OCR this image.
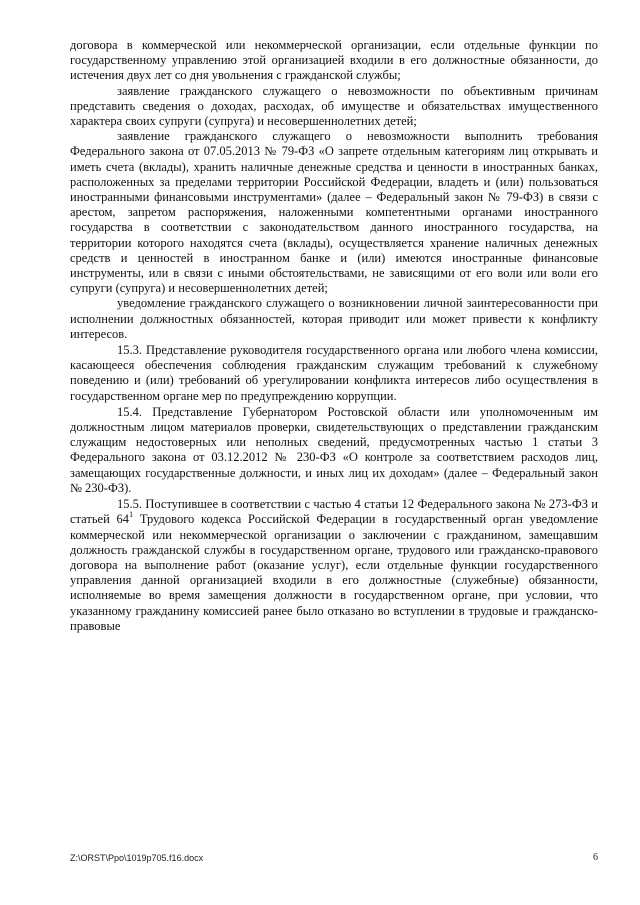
договора в коммерческой или некоммерческой организации, если отдельные функции по государственному управлению этой организацией входили в его должностные обязанности, до истечения двух лет со дня увольнения с гражданской службы;

заявление гражданского служащего о невозможности по объективным причинам представить сведения о доходах, расходах, об имуществе и обязательствах имущественного характера своих супруги (супруга) и несовершеннолетних детей;

заявление гражданского служащего о невозможности выполнить требования Федерального закона от 07.05.2013 № 79-ФЗ «О запрете отдельным категориям лиц открывать и иметь счета (вклады), хранить наличные денежные средства и ценности в иностранных банках, расположенных за пределами территории Российской Федерации, владеть и (или) пользоваться иностранными финансовыми инструментами» (далее – Федеральный закон № 79-ФЗ) в связи с арестом, запретом распоряжения, наложенными компетентными органами иностранного государства в соответствии с законодательством данного иностранного государства, на территории которого находятся счета (вклады), осуществляется хранение наличных денежных средств и ценностей в иностранном банке и (или) имеются иностранные финансовые инструменты, или в связи с иными обстоятельствами, не зависящими от его воли или воли его супруги (супруга) и несовершеннолетних детей;

уведомление гражданского служащего о возникновении личной заинтересованности при исполнении должностных обязанностей, которая приводит или может привести к конфликту интересов.

15.3. Представление руководителя государственного органа или любого члена комиссии, касающееся обеспечения соблюдения гражданским служащим требований к служебному поведению и (или) требований об урегулировании конфликта интересов либо осуществления в государственном органе мер по предупреждению коррупции.

15.4. Представление Губернатором Ростовской области или уполномоченным им должностным лицом материалов проверки, свидетельствующих о представлении гражданским служащим недостоверных или неполных сведений, предусмотренных частью 1 статьи 3 Федерального закона от 03.12.2012 № 230-ФЗ «О контроле за соответствием расходов лиц, замещающих государственные должности, и иных лиц их доходам» (далее – Федеральный закон № 230-ФЗ).

15.5. Поступившее в соответствии с частью 4 статьи 12 Федерального закона № 273-ФЗ и статьей $64^1$ Трудового кодекса Российской Федерации в государственный орган уведомление коммерческой или некоммерческой организации о заключении с гражданином, замещавшим должность гражданской службы в государственном органе, трудового или гражданско-правового договора на выполнение работ (оказание услуг), если отдельные функции государственного управления данной организацией входили в его должностные (служебные) обязанности, исполняемые во время замещения должности в государственном органе, при условии, что указанному гражданину комиссией ранее было отказано во вступлении в трудовые и гражданско-правовые

Z:\ORST\Ppo\1019p705.f16.docx	6
